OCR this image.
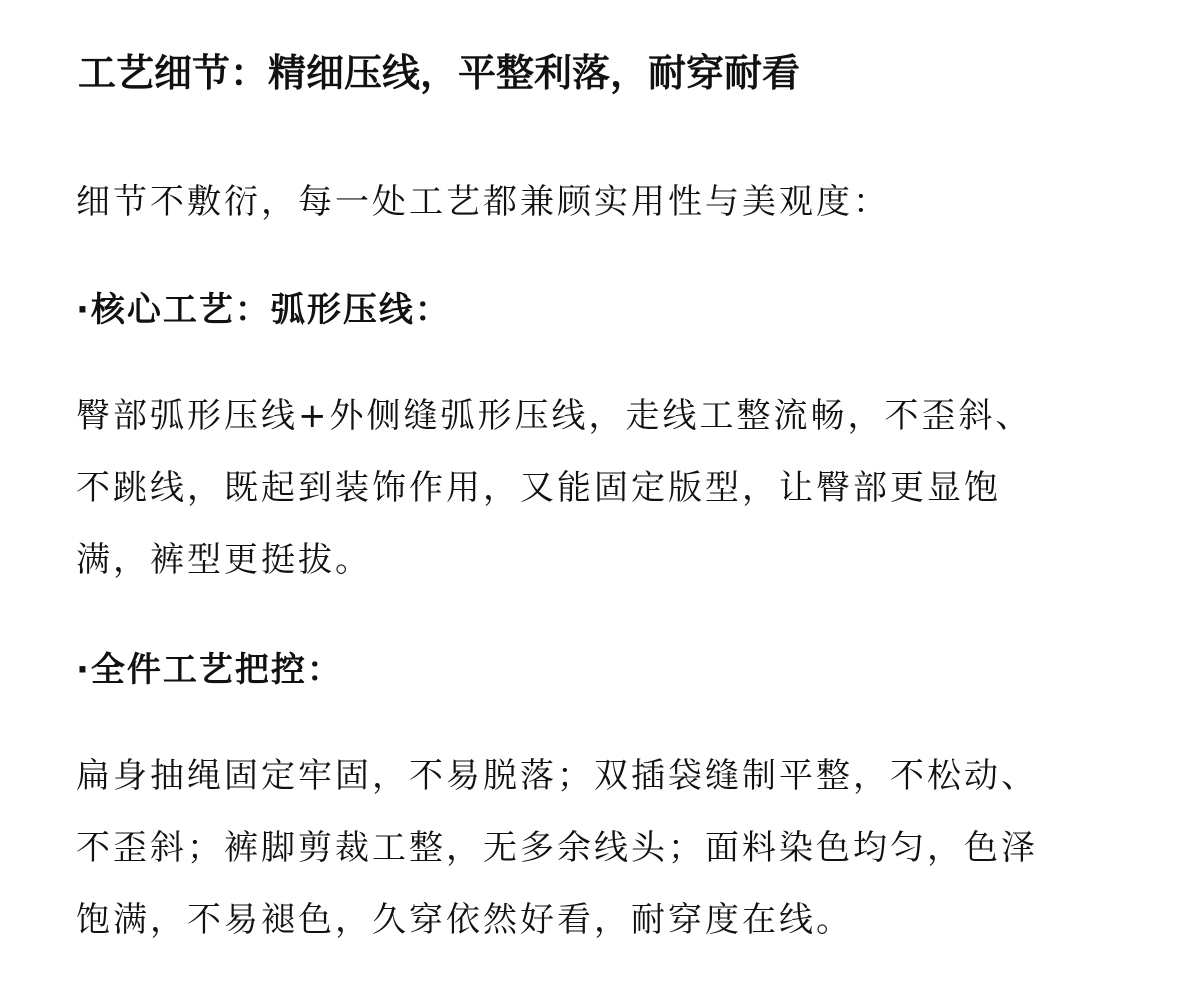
工艺细节：精细压线，平整利落，耐穿耐看

细节不敷衍，每一处工艺都兼顾实用性与美观度：

·核心工艺：弧形压线：

臀部弧形压线+外侧缝弧形压线，走线工整流畅，不歪斜、
不跳线，既起到装饰作用，又能固定版型，让臀部更显饱
满，裤型更挺拔。

·全件工艺把控：

扁身抽绳固定牢固，不易脱落；双插袋缝制平整，不松动、
不歪斜；裤脚剪裁工整，无多余线头；面料染色均匀，色泽
饱满，不易褪色，久穿依然好看，耐穿度在线。
